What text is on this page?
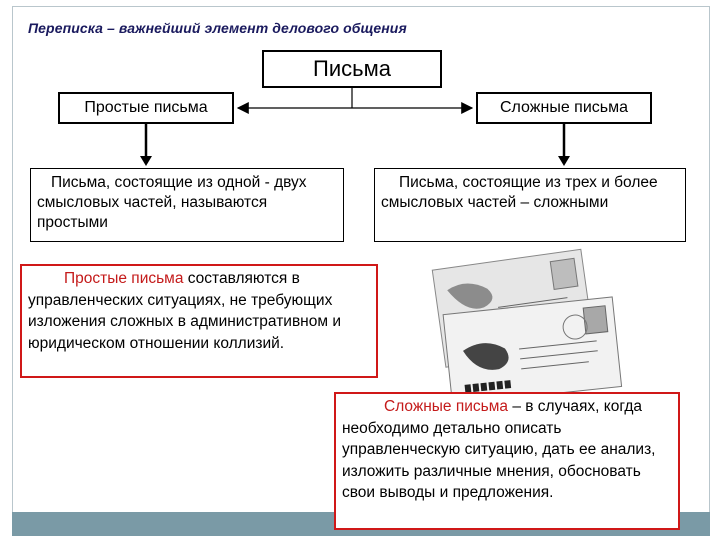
Переписка – важнейший элемент делового общения
Письма
Простые письма	Сложные письма
Письма, состоящие из одной - двух смысловых частей, называются простыми
Письма, состоящие из трех и более смысловых частей – сложными
Простые письма составляются в управленческих ситуациях, не требующих изложения сложных в административном и юридическом отношении коллизий.
Сложные письма – в случаях, когда необходимо детально описать управленческую ситуацию, дать ее анализ, изложить различные мнения, обосновать свои выводы и предложения.
